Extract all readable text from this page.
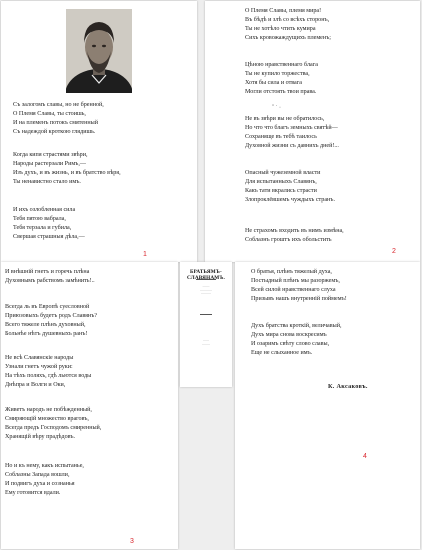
Съ залогомъ славы, но не бренной,
О Племя Славы, ты стоишь,
И на племенъ потокъ смятенный
Съ надеждой кроткою глядишь.
Когда кипя страстями звѣри,
Народы растерзали Римъ,—
Изъ духъ, и въ жизнь, и въ братство вѣря,
Ты ненавистно стало имъ.
И ихъ озлобленная сила
Тебя пятою вабрала,
Тебя терзала и губила,
Свершая страшныя дѣла,—
1
О Племя Славы, племя мира!
Въ бѣдѣ и злѣ со всѣхъ сторонъ,
Ты не хотѣло чтить кумира
Сихъ кровожаждущихъ племенъ;
Цѣною нравственнаго блага
Ты не купило торжества,
Хотя бы сила и отвага
Могли отстоять твои права.
ˇ ˙ ·
Не въ звѣри вы не обратилось,
Но что что благъ земныхъ святѣй—
Сохраняще въ тебѣ таилось
Духовной жизни съ давнихъ дней!...
Опасный чужеземной власти
Для испытанныхъ Славянъ,
Какъ тати вкрались страсти
Злопроклёвшемъ чуждыхъ странъ.
Не страхомъ входить въ нимъ измѣна,
Соблазнъ гроштъ ихъ обольстить
2
И внѣшній гнетъ и горечь плѣна
Духовнымъ рабствомъ замѣнить!..
Всегда ль въ Европѣ суесловной
Приюзовыхъ будетъ родъ Славянъ?
Всего тяжеле плѣнъ духовный,
Больнѣе нѣтъ душевныхъ ранъ!
Не всѣ Славянскіе народы
Узнали гнетъ чужой руки:
На тѣхъ поляхъ, гдѣ льются воды
Днѣпра и Волги и Оки,
Живетъ народъ не побѣжденный,
Смиряющій множество враговъ,
Всегда предъ Господомъ смиренный,
Хранящій вѣру прадѣдовъ.
Но и къ нему, какъ испытанье,
Соблазны Запада вошли,
И подвигъ духа и сознанья
Ему готовится вдали.
3
БРАТЬЯМЪ-СЛАВЯНАМЪ.
·······
············
··········
······
········
О братья, плѣнъ тяжелый духа,
Постыдный плѣнъ мы разоржемъ,
Всей силой нравственнаго слуха
Призывъ нашъ внутренній поймемъ!
Духъ братства кроткій, величавый,
Духъ мира снова воскресимъ
И озаримъ свѣту слово славы,
Еще не слыханное имъ.
К. Аксаковъ.
4
